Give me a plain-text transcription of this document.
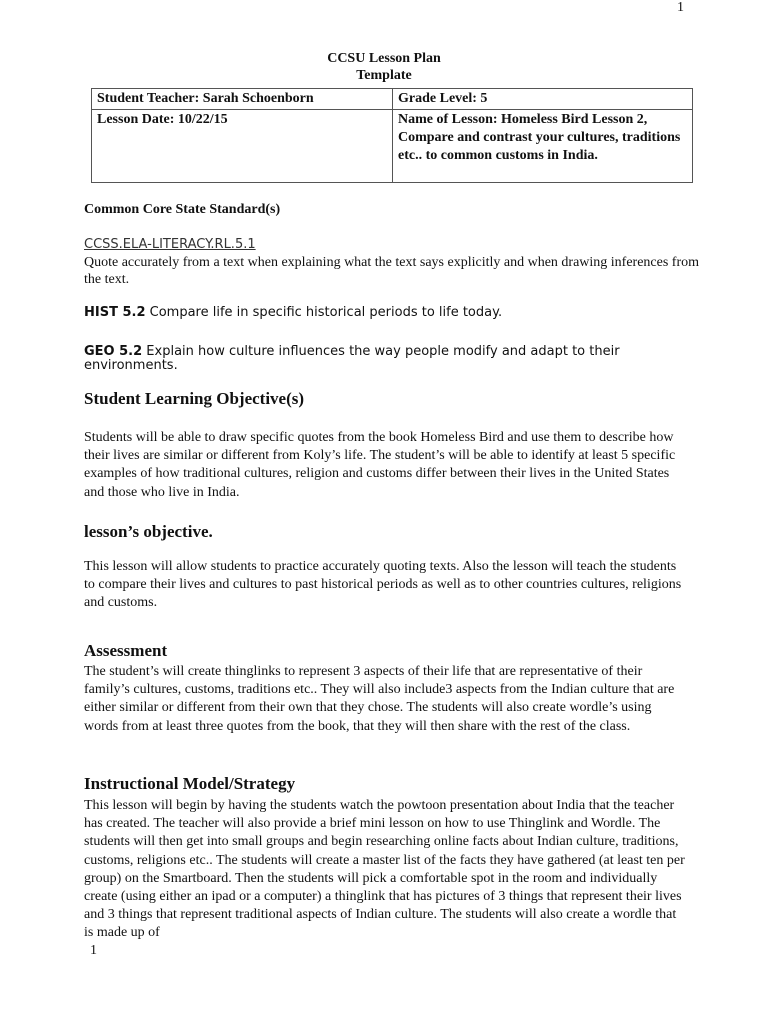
1
CCSU Lesson Plan
Template
Student Teacher: Sarah Schoenborn	Grade Level: 5
Lesson Date: 10/22/15	Name of Lesson: Homeless Bird Lesson 2, Compare and contrast your cultures, traditions etc.. to common customs in India.
Common Core State Standard(s)
CCSS.ELA-LITERACY.RL.5.1
Quote accurately from a text when explaining what the text says explicitly and when drawing inferences from the text.
HIST 5.2 Compare life in specific historical periods to life today.
GEO 5.2 Explain how culture influences the way people modify and adapt to their environments.
Student Learning Objective(s)
Students will be able to draw specific quotes from the book Homeless Bird and use them to describe how their lives are similar or different from Koly’s life. The student’s will be able to identify at least 5 specific examples of how traditional cultures, religion and customs differ between their lives in the United States and those who live in India.
lesson’s objective.
This lesson will allow students to practice accurately quoting texts. Also the lesson will teach the students to compare their lives and cultures to past historical periods as well as to other countries cultures, religions and customs.
Assessment
The student’s will create thinglinks to represent 3 aspects of their life that are representative of their family’s cultures, customs, traditions etc.. They will also include3 aspects from the Indian culture that are either similar or different from their own that they chose. The students will also create wordle’s using words from at least three quotes from the book, that they will then share with the rest of the class.
Instructional Model/Strategy
This lesson will begin by having the students watch the powtoon presentation about India that the teacher has created. The teacher will also provide a brief mini lesson on how to use Thinglink and Wordle. The students will then get into small groups and begin researching online facts about Indian culture, traditions, customs, religions etc.. The students will create a master list of the facts they have gathered (at least ten per group) on the Smartboard. Then the students will pick a comfortable spot in the room and individually create (using either an ipad or a computer) a thinglink that has pictures of 3 things that represent their lives and 3 things that represent traditional aspects of Indian culture. The students will also create a wordle that is made up of
1
